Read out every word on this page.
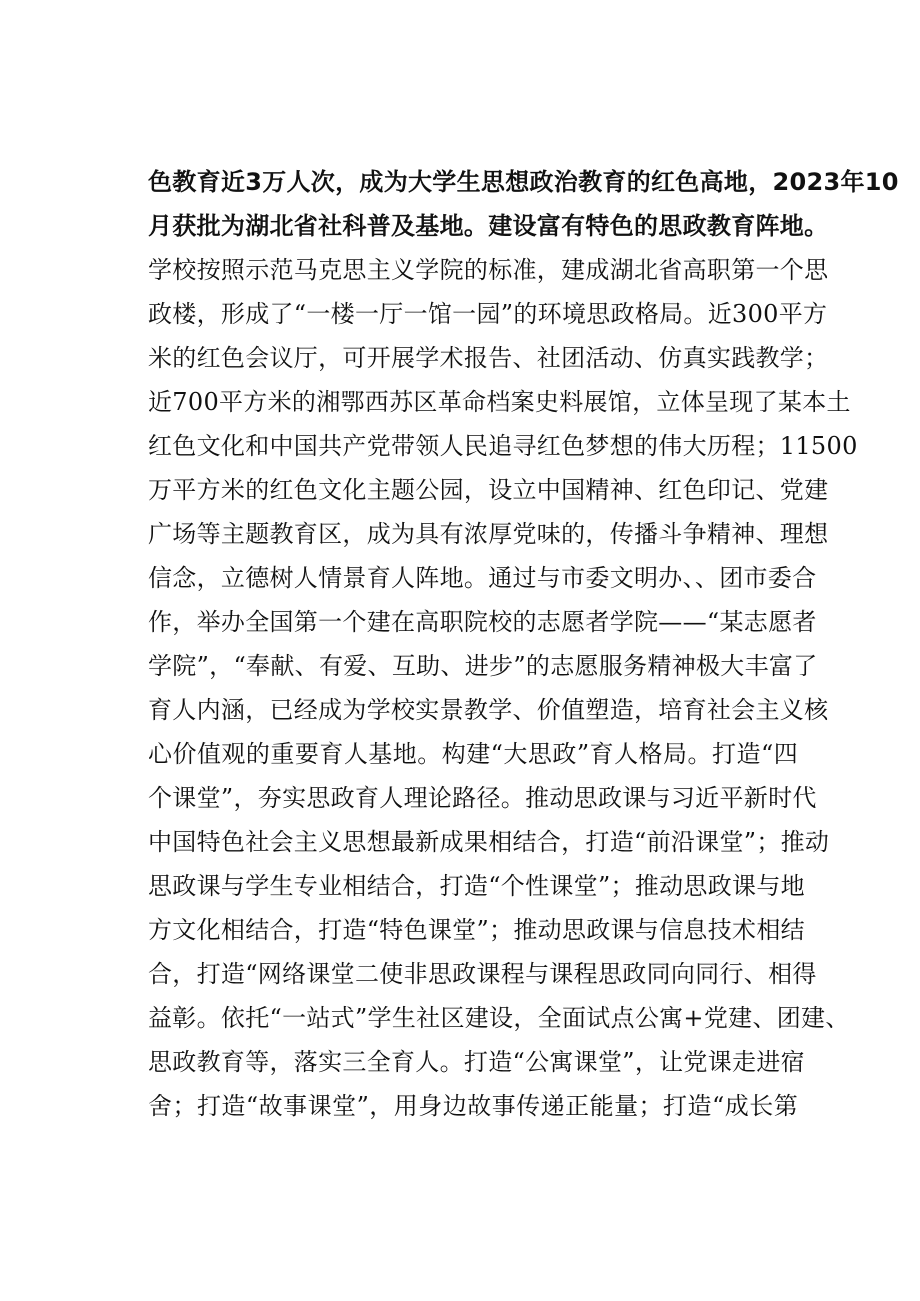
色教育近3万人次，成为大学生思想政治教育的红色高地，2023年10
月获批为湖北省社科普及基地。建设富有特色的思政教育阵地。
学校按照示范马克思主义学院的标准，建成湖北省高职第一个思
政楼，形成了“一楼一厅一馆一园”的环境思政格局。近300平方
米的红色会议厅，可开展学术报告、社团活动、仿真实践教学；
近700平方米的湘鄂西苏区革命档案史料展馆，立体呈现了某本土
红色文化和中国共产党带领人民追寻红色梦想的伟大历程；11500
万平方米的红色文化主题公园，设立中国精神、红色印记、党建
广场等主题教育区，成为具有浓厚党味的，传播斗争精神、理想
信念，立德树人情景育人阵地。通过与市委文明办、、团市委合
作，举办全国第一个建在高职院校的志愿者学院——“某志愿者
学院”，“奉献、有爱、互助、进步”的志愿服务精神极大丰富了
育人内涵，已经成为学校实景教学、价值塑造，培育社会主义核
心价值观的重要育人基地。构建“大思政”育人格局。打造“四
个课堂”，夯实思政育人理论路径。推动思政课与习近平新时代
中国特色社会主义思想最新成果相结合，打造“前沿课堂”；推动
思政课与学生专业相结合，打造“个性课堂”；推动思政课与地
方文化相结合，打造“特色课堂”；推动思政课与信息技术相结
合，打造“网络课堂二使非思政课程与课程思政同向同行、相得
益彰。依托“一站式”学生社区建设，全面试点公寓+党建、团建、
思政教育等，落实三全育人。打造“公寓课堂”，让党课走进宿
舍；打造“故事课堂”，用身边故事传递正能量；打造“成长第
